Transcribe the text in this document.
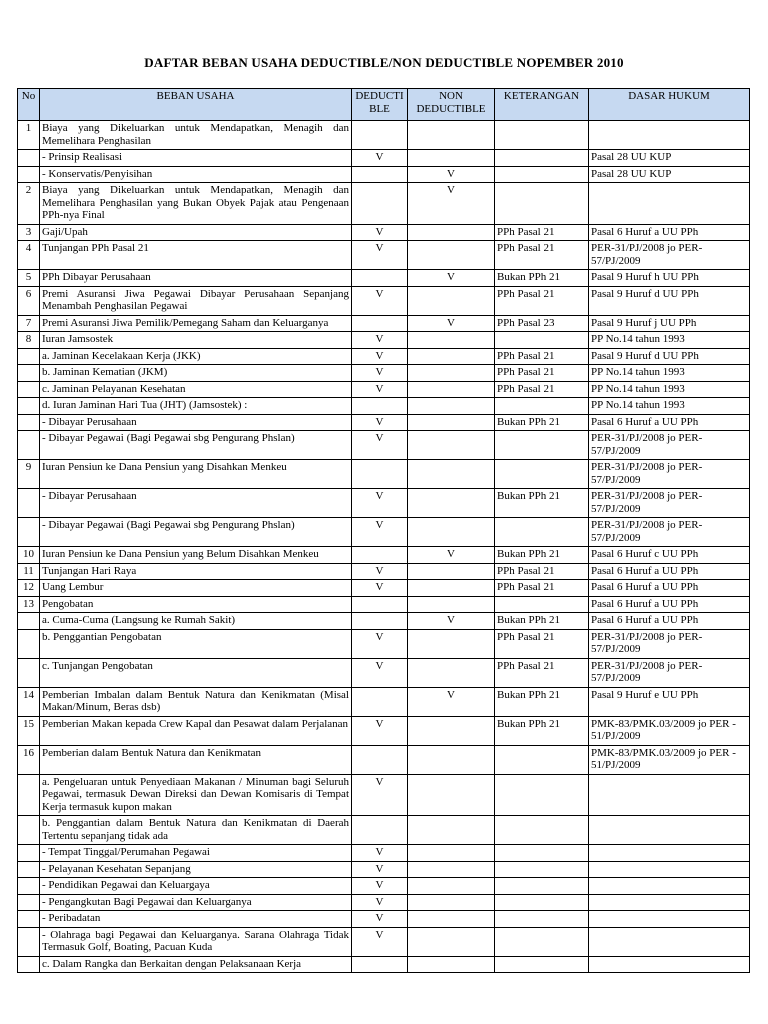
DAFTAR BEBAN USAHA DEDUCTIBLE/NON DEDUCTIBLE NOPEMBER 2010
No	BEBAN USAHA	DEDUCTI BLE	NON DEDUCTIBLE	KETERANGAN	DASAR HUKUM
1	Biaya yang Dikeluarkan untuk Mendapatkan, Menagih dan Memelihara Penghasilan				
	- Prinsip Realisasi	V			Pasal 28 UU KUP
	- Konservatis/Penyisihan		V		Pasal 28 UU KUP
2	Biaya yang Dikeluarkan untuk Mendapatkan, Menagih dan Memelihara Penghasilan yang Bukan Obyek Pajak atau Pengenaan PPh-nya Final		V		
3	Gaji/Upah	V		PPh Pasal 21	Pasal 6 Huruf a UU PPh
4	Tunjangan PPh Pasal 21	V		PPh Pasal 21	PER-31/PJ/2008 jo PER-57/PJ/2009
5	PPh Dibayar Perusahaan		V	Bukan PPh 21	Pasal 9 Huruf h UU PPh
6	Premi Asuransi Jiwa Pegawai Dibayar Perusahaan Sepanjang Menambah Penghasilan Pegawai	V		PPh Pasal 21	Pasal 9 Huruf d UU PPh
7	Premi Asuransi Jiwa Pemilik/Pemegang Saham dan Keluarganya		V	PPh Pasal 23	Pasal 9 Huruf j UU PPh
8	Iuran Jamsostek	V			PP No.14 tahun 1993
	a. Jaminan Kecelakaan Kerja (JKK)	V		PPh Pasal 21	Pasal 9 Huruf d UU PPh
	b. Jaminan Kematian (JKM)	V		PPh Pasal 21	PP No.14 tahun 1993
	c. Jaminan Pelayanan Kesehatan	V		PPh Pasal 21	PP No.14 tahun 1993
	d. Iuran Jaminan Hari Tua (JHT) (Jamsostek) :				PP No.14 tahun 1993
	- Dibayar Perusahaan	V		Bukan PPh 21	Pasal 6 Huruf a UU PPh
	- Dibayar Pegawai (Bagi Pegawai sbg Pengurang Phslan)	V			PER-31/PJ/2008 jo PER-57/PJ/2009
9	Iuran Pensiun ke Dana Pensiun yang Disahkan Menkeu				PER-31/PJ/2008 jo PER-57/PJ/2009
	- Dibayar Perusahaan	V		Bukan PPh 21	PER-31/PJ/2008 jo PER-57/PJ/2009
	- Dibayar Pegawai (Bagi Pegawai sbg Pengurang Phslan)	V			PER-31/PJ/2008 jo PER-57/PJ/2009
10	Iuran Pensiun ke Dana Pensiun yang Belum Disahkan Menkeu		V	Bukan PPh 21	Pasal 6 Huruf c UU PPh
11	Tunjangan Hari Raya	V		PPh Pasal 21	Pasal 6 Huruf a UU PPh
12	Uang Lembur	V		PPh Pasal 21	Pasal 6 Huruf a UU PPh
13	Pengobatan				Pasal 6 Huruf a UU PPh
	a. Cuma-Cuma (Langsung ke Rumah Sakit)		V	Bukan PPh 21	Pasal 6 Huruf a UU PPh
	b. Penggantian Pengobatan	V		PPh Pasal 21	PER-31/PJ/2008 jo PER-57/PJ/2009
	c. Tunjangan Pengobatan	V		PPh Pasal 21	PER-31/PJ/2008 jo PER-57/PJ/2009
14	Pemberian Imbalan dalam Bentuk Natura dan Kenikmatan (Misal Makan/Minum, Beras dsb)		V	Bukan PPh 21	Pasal 9 Huruf e UU PPh
15	Pemberian Makan kepada Crew Kapal dan Pesawat dalam Perjalanan	V		Bukan PPh 21	PMK-83/PMK.03/2009 jo PER - 51/PJ/2009
16	Pemberian dalam Bentuk Natura dan Kenikmatan				PMK-83/PMK.03/2009 jo PER - 51/PJ/2009
	a. Pengeluaran untuk Penyediaan Makanan / Minuman bagi Seluruh Pegawai, termasuk Dewan Direksi dan Dewan Komisaris di Tempat Kerja termasuk kupon makan	V			
	b. Penggantian dalam Bentuk Natura dan Kenikmatan di Daerah Tertentu sepanjang tidak ada				
	- Tempat Tinggal/Perumahan Pegawai	V			
	- Pelayanan Kesehatan Sepanjang	V			
	- Pendidikan Pegawai dan Keluargaya	V			
	- Pengangkutan Bagi Pegawai dan Keluarganya	V			
	- Peribadatan	V			
	- Olahraga bagi Pegawai dan Keluarganya. Sarana Olahraga Tidak Termasuk Golf, Boating, Pacuan Kuda	V			
	c. Dalam Rangka dan Berkaitan dengan Pelaksanaan Kerja				
